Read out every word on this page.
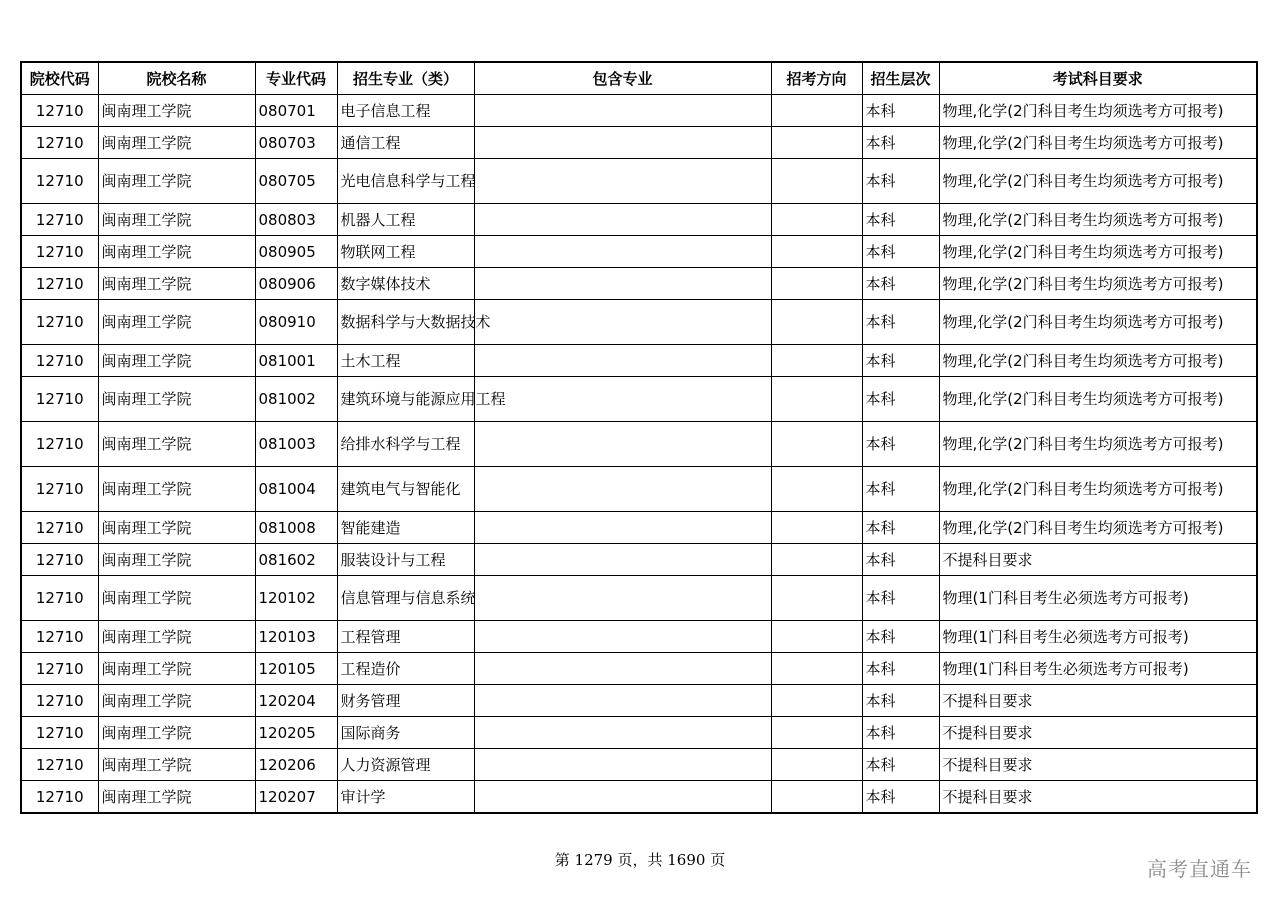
院校代码	院校名称	专业代码	招生专业（类）	包含专业	招考方向	招生层次	考试科目要求
12710	闽南理工学院	080701	电子信息工程			本科	物理,化学(2门科目考生均须选考方可报考)
12710	闽南理工学院	080703	通信工程			本科	物理,化学(2门科目考生均须选考方可报考)
12710	闽南理工学院	080705	光电信息科学与工程			本科	物理,化学(2门科目考生均须选考方可报考)
12710	闽南理工学院	080803	机器人工程			本科	物理,化学(2门科目考生均须选考方可报考)
12710	闽南理工学院	080905	物联网工程			本科	物理,化学(2门科目考生均须选考方可报考)
12710	闽南理工学院	080906	数字媒体技术			本科	物理,化学(2门科目考生均须选考方可报考)
12710	闽南理工学院	080910	数据科学与大数据技术			本科	物理,化学(2门科目考生均须选考方可报考)
12710	闽南理工学院	081001	土木工程			本科	物理,化学(2门科目考生均须选考方可报考)
12710	闽南理工学院	081002	建筑环境与能源应用工程			本科	物理,化学(2门科目考生均须选考方可报考)
12710	闽南理工学院	081003	给排水科学与工程			本科	物理,化学(2门科目考生均须选考方可报考)
12710	闽南理工学院	081004	建筑电气与智能化			本科	物理,化学(2门科目考生均须选考方可报考)
12710	闽南理工学院	081008	智能建造			本科	物理,化学(2门科目考生均须选考方可报考)
12710	闽南理工学院	081602	服装设计与工程			本科	不提科目要求
12710	闽南理工学院	120102	信息管理与信息系统			本科	物理(1门科目考生必须选考方可报考)
12710	闽南理工学院	120103	工程管理			本科	物理(1门科目考生必须选考方可报考)
12710	闽南理工学院	120105	工程造价			本科	物理(1门科目考生必须选考方可报考)
12710	闽南理工学院	120204	财务管理			本科	不提科目要求
12710	闽南理工学院	120205	国际商务			本科	不提科目要求
12710	闽南理工学院	120206	人力资源管理			本科	不提科目要求
12710	闽南理工学院	120207	审计学			本科	不提科目要求
第 1279 页，共 1690 页	高考直通车
